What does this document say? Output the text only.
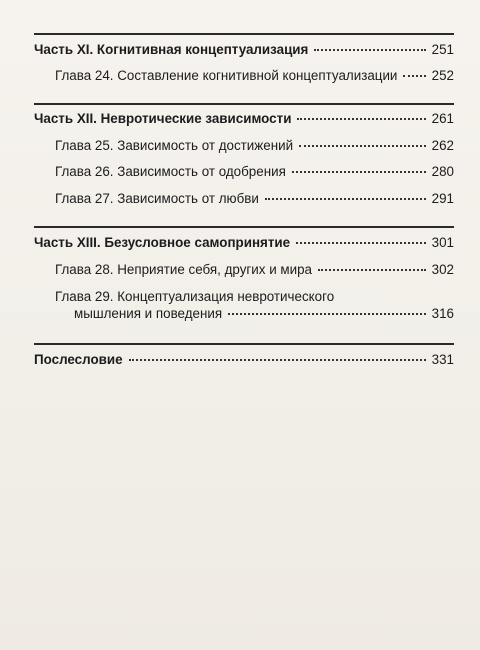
Часть XI. Когнитивная концептуализация	251
Глава 24. Составление когнитивной концептуализации	252
Часть XII. Невротические зависимости	261
Глава 25. Зависимость от достижений	262
Глава 26. Зависимость от одобрения	280
Глава 27. Зависимость от любви	291
Часть XIII. Безусловное самопринятие	301
Глава 28. Неприятие себя, других и мира	302
Глава 29. Концептуализация невротического
мышления и поведения	316
Послесловие	331
